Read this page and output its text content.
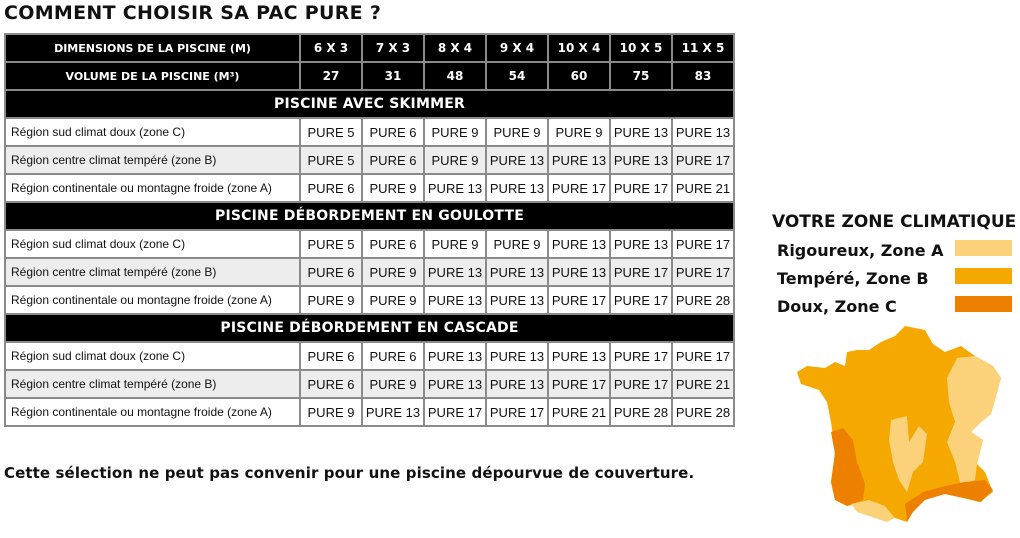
COMMENT CHOISIR SA PAC PURE ?
DIMENSIONS DE LA PISCINE (M)	6 X 3	7 X 3	8 X 4	9 X 4	10 X 4	10 X 5	11 X 5
VOLUME DE LA PISCINE (M³)	27	31	48	54	60	75	83
PISCINE AVEC SKIMMER							
Région sud climat doux (zone C)	PURE 5	PURE 6	PURE 9	PURE 9	PURE 9	PURE 13	PURE 13
Région centre climat tempéré (zone B)	PURE 5	PURE 6	PURE 9	PURE 13	PURE 13	PURE 13	PURE 17
Région continentale ou montagne froide (zone A)	PURE 6	PURE 9	PURE 13	PURE 13	PURE 17	PURE 17	PURE 21
PISCINE DÉBORDEMENT EN GOULOTTE							
Région sud climat doux (zone C)	PURE 5	PURE 6	PURE 9	PURE 9	PURE 13	PURE 13	PURE 17
Région centre climat tempéré (zone B)	PURE 6	PURE 9	PURE 13	PURE 13	PURE 13	PURE 17	PURE 17
Région continentale ou montagne froide (zone A)	PURE 9	PURE 9	PURE 13	PURE 13	PURE 17	PURE 17	PURE 28
PISCINE DÉBORDEMENT EN CASCADE							
Région sud climat doux (zone C)	PURE 6	PURE 6	PURE 13	PURE 13	PURE 13	PURE 17	PURE 17
Région centre climat tempéré (zone B)	PURE 6	PURE 9	PURE 13	PURE 13	PURE 17	PURE 17	PURE 21
Région continentale ou montagne froide (zone A)	PURE 9	PURE 13	PURE 17	PURE 17	PURE 21	PURE 28	PURE 28
Cette sélection ne peut pas convenir pour une piscine dépourvue de couverture.
VOTRE ZONE CLIMATIQUE
Rigoureux, Zone A
Tempéré, Zone B
Doux, Zone C
